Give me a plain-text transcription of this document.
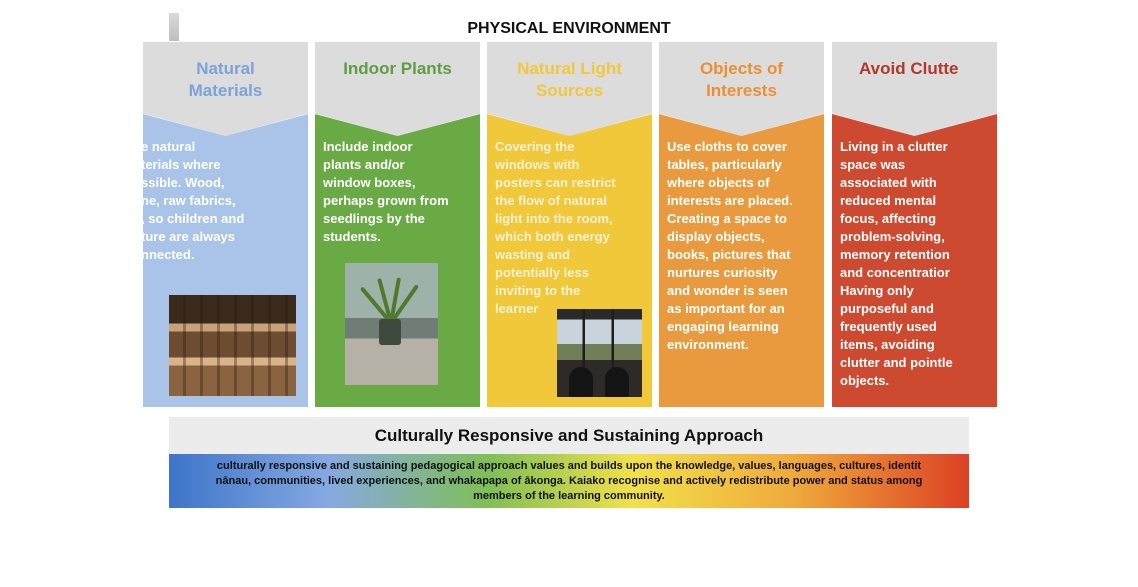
PHYSICAL ENVIRONMENT
Natural
Materials
e natural
terials where
ssible. Wood,
ne, raw fabrics,
, so children and
ture are always
nnected.
Indoor Plants
Include indoor
plants and/or
window boxes,
perhaps grown from
seedlings by the
students.
Natural Light
Sources
Covering the
windows with
posters can restrict
the flow of natural
light into the room,
which both energy
wasting and
potentially less
inviting to the
learner
Objects of
Interests
Use cloths to cover
tables, particularly
where objects of
interests are placed.
Creating a space to
display objects,
books, pictures that
nurtures curiosity
and wonder is seen
as important for an
engaging learning
environment.
Avoid Clutte
Living in a clutter
space was
associated with
reduced mental
focus, affecting
problem-solving,
memory retention
and concentratior
Having only
purposeful and
frequently used
items, avoiding
clutter and pointle
objects.
Culturally Responsive and Sustaining Approach
culturally responsive and sustaining pedagogical approach values and builds upon the knowledge, values, languages, cultures, identit
nānau, communities, lived experiences, and whakapapa of ākonga. Kaiako recognise and actively redistribute power and status among
members of the learning community.
